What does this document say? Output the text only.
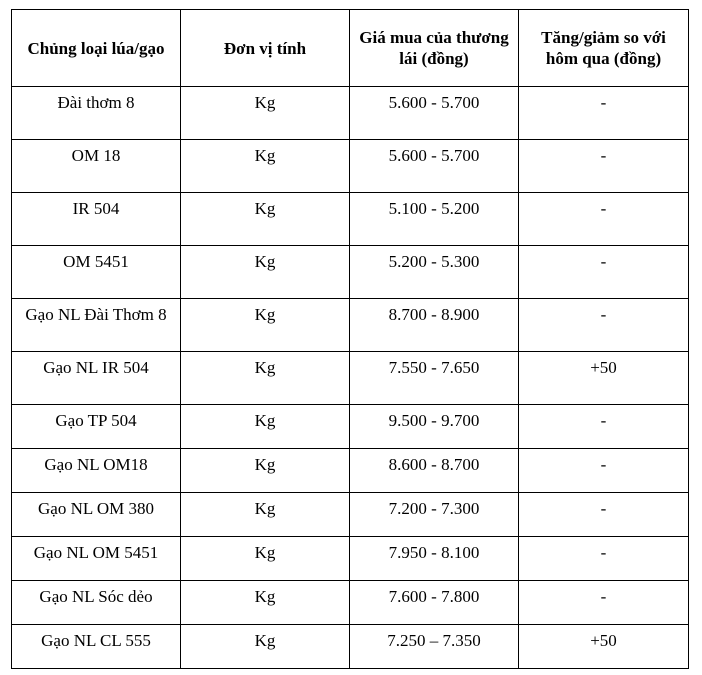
Chủng loại lúa/gạo	Đơn vị tính	Giá mua của thương lái (đồng)	Tăng/giảm so với hôm qua (đồng)
Đài thơm 8	Kg	5.600 - 5.700	-
OM 18	Kg	5.600 - 5.700	-
IR 504	Kg	5.100 - 5.200	-
OM 5451	Kg	5.200 - 5.300	-
Gạo NL Đài Thơm 8	Kg	8.700 - 8.900	-
Gạo NL IR 504	Kg	7.550 - 7.650	+50
Gạo TP 504	Kg	9.500 - 9.700	-
Gạo NL OM18	Kg	8.600 - 8.700	-
Gạo NL OM 380	Kg	7.200 - 7.300	-
Gạo NL OM 5451	Kg	7.950 - 8.100	-
Gạo NL Sóc dẻo	Kg	7.600 - 7.800	-
Gạo NL CL 555	Kg	7.250 – 7.350	+50
